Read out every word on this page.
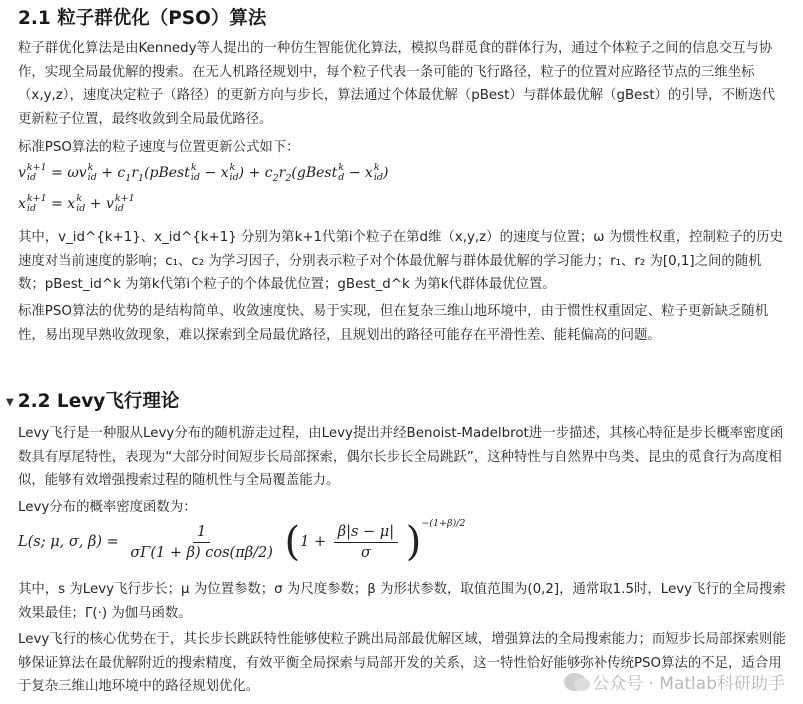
2.1 粒子群优化（PSO）算法

粒子群优化算法是由Kennedy等人提出的一种仿生智能优化算法，模拟鸟群觅食的群体行为，通过个体粒子之间的信息交互与协作，实现全局最优解的搜索。在无人机路径规划中，每个粒子代表一条可能的飞行路径，粒子的位置对应路径节点的三维坐标（x,y,z），速度决定粒子（路径）的更新方向与步长，算法通过个体最优解（pBest）与群体最优解（gBest）的引导，不断迭代更新粒子位置，最终收敛到全局最优路径。

标准PSO算法的粒子速度与位置更新公式如下：

v k+1
id = ωv k
id + $c_1r_1(pBest$ k
id − x k
id ) + $c_2r_2(gBest$ k
d − x k
id )
x k+1
id = x k
id + v k+1
id

其中，v_id^{k+1}、x_id^{k+1} 分别为第k+1代第i个粒子在第d维（x,y,z）的速度与位置；ω 为惯性权重，控制粒子的历史速度对当前速度的影响；c₁、c₂ 为学习因子，分别表示粒子对个体最优解与群体最优解的学习能力；r₁、r₂ 为[0,1]之间的随机数；pBest_id^k 为第k代第i个粒子的个体最优位置；gBest_d^k 为第k代群体最优位置。

标准PSO算法的优势的是结构简单、收敛速度快、易于实现，但在复杂三维山地环境中，由于惯性权重固定、粒子更新缺乏随机性，易出现早熟收敛现象，难以探索到全局最优路径，且规划出的路径可能存在平滑性差、能耗偏高的问题。

▼ 2.2 Levy飞行理论

Levy飞行是一种服从Levy分布的随机游走过程，由Levy提出并经Benoist-Madelbrot进一步描述，其核心特征是步长概率密度函数具有厚尾特性，表现为“大部分时间短步长局部探索，偶尔长步长全局跳跃”，这种特性与自然界中鸟类、昆虫的觅食行为高度相似，能够有效增强搜索过程的随机性与全局覆盖能力。

Levy分布的概率密度函数为：

L(s; μ, σ, $\beta) = \frac{1}{\sigma\Gamma(1 + \beta) \cos(\pi\beta/2)} (1 + \frac{\beta|s - \mu|}{\sigma} )^{-(1+\beta)/2}$

其中，s 为Levy飞行步长；μ 为位置参数；σ 为尺度参数；β 为形状参数，取值范围为(0,2]，通常取1.5时，Levy飞行的全局搜索效果最佳；Γ(·) 为伽马函数。

Levy飞行的核心优势在于，其长步长跳跃特性能够使粒子跳出局部最优解区域，增强算法的全局搜索能力；而短步长局部探索则能够保证算法在最优解附近的搜索精度，有效平衡全局探索与局部开发的关系，这一特性恰好能够弥补传统PSO算法的不足，适合用于复杂三维山地环境中的路径规划优化。	公众号 · Matlab科研助手
